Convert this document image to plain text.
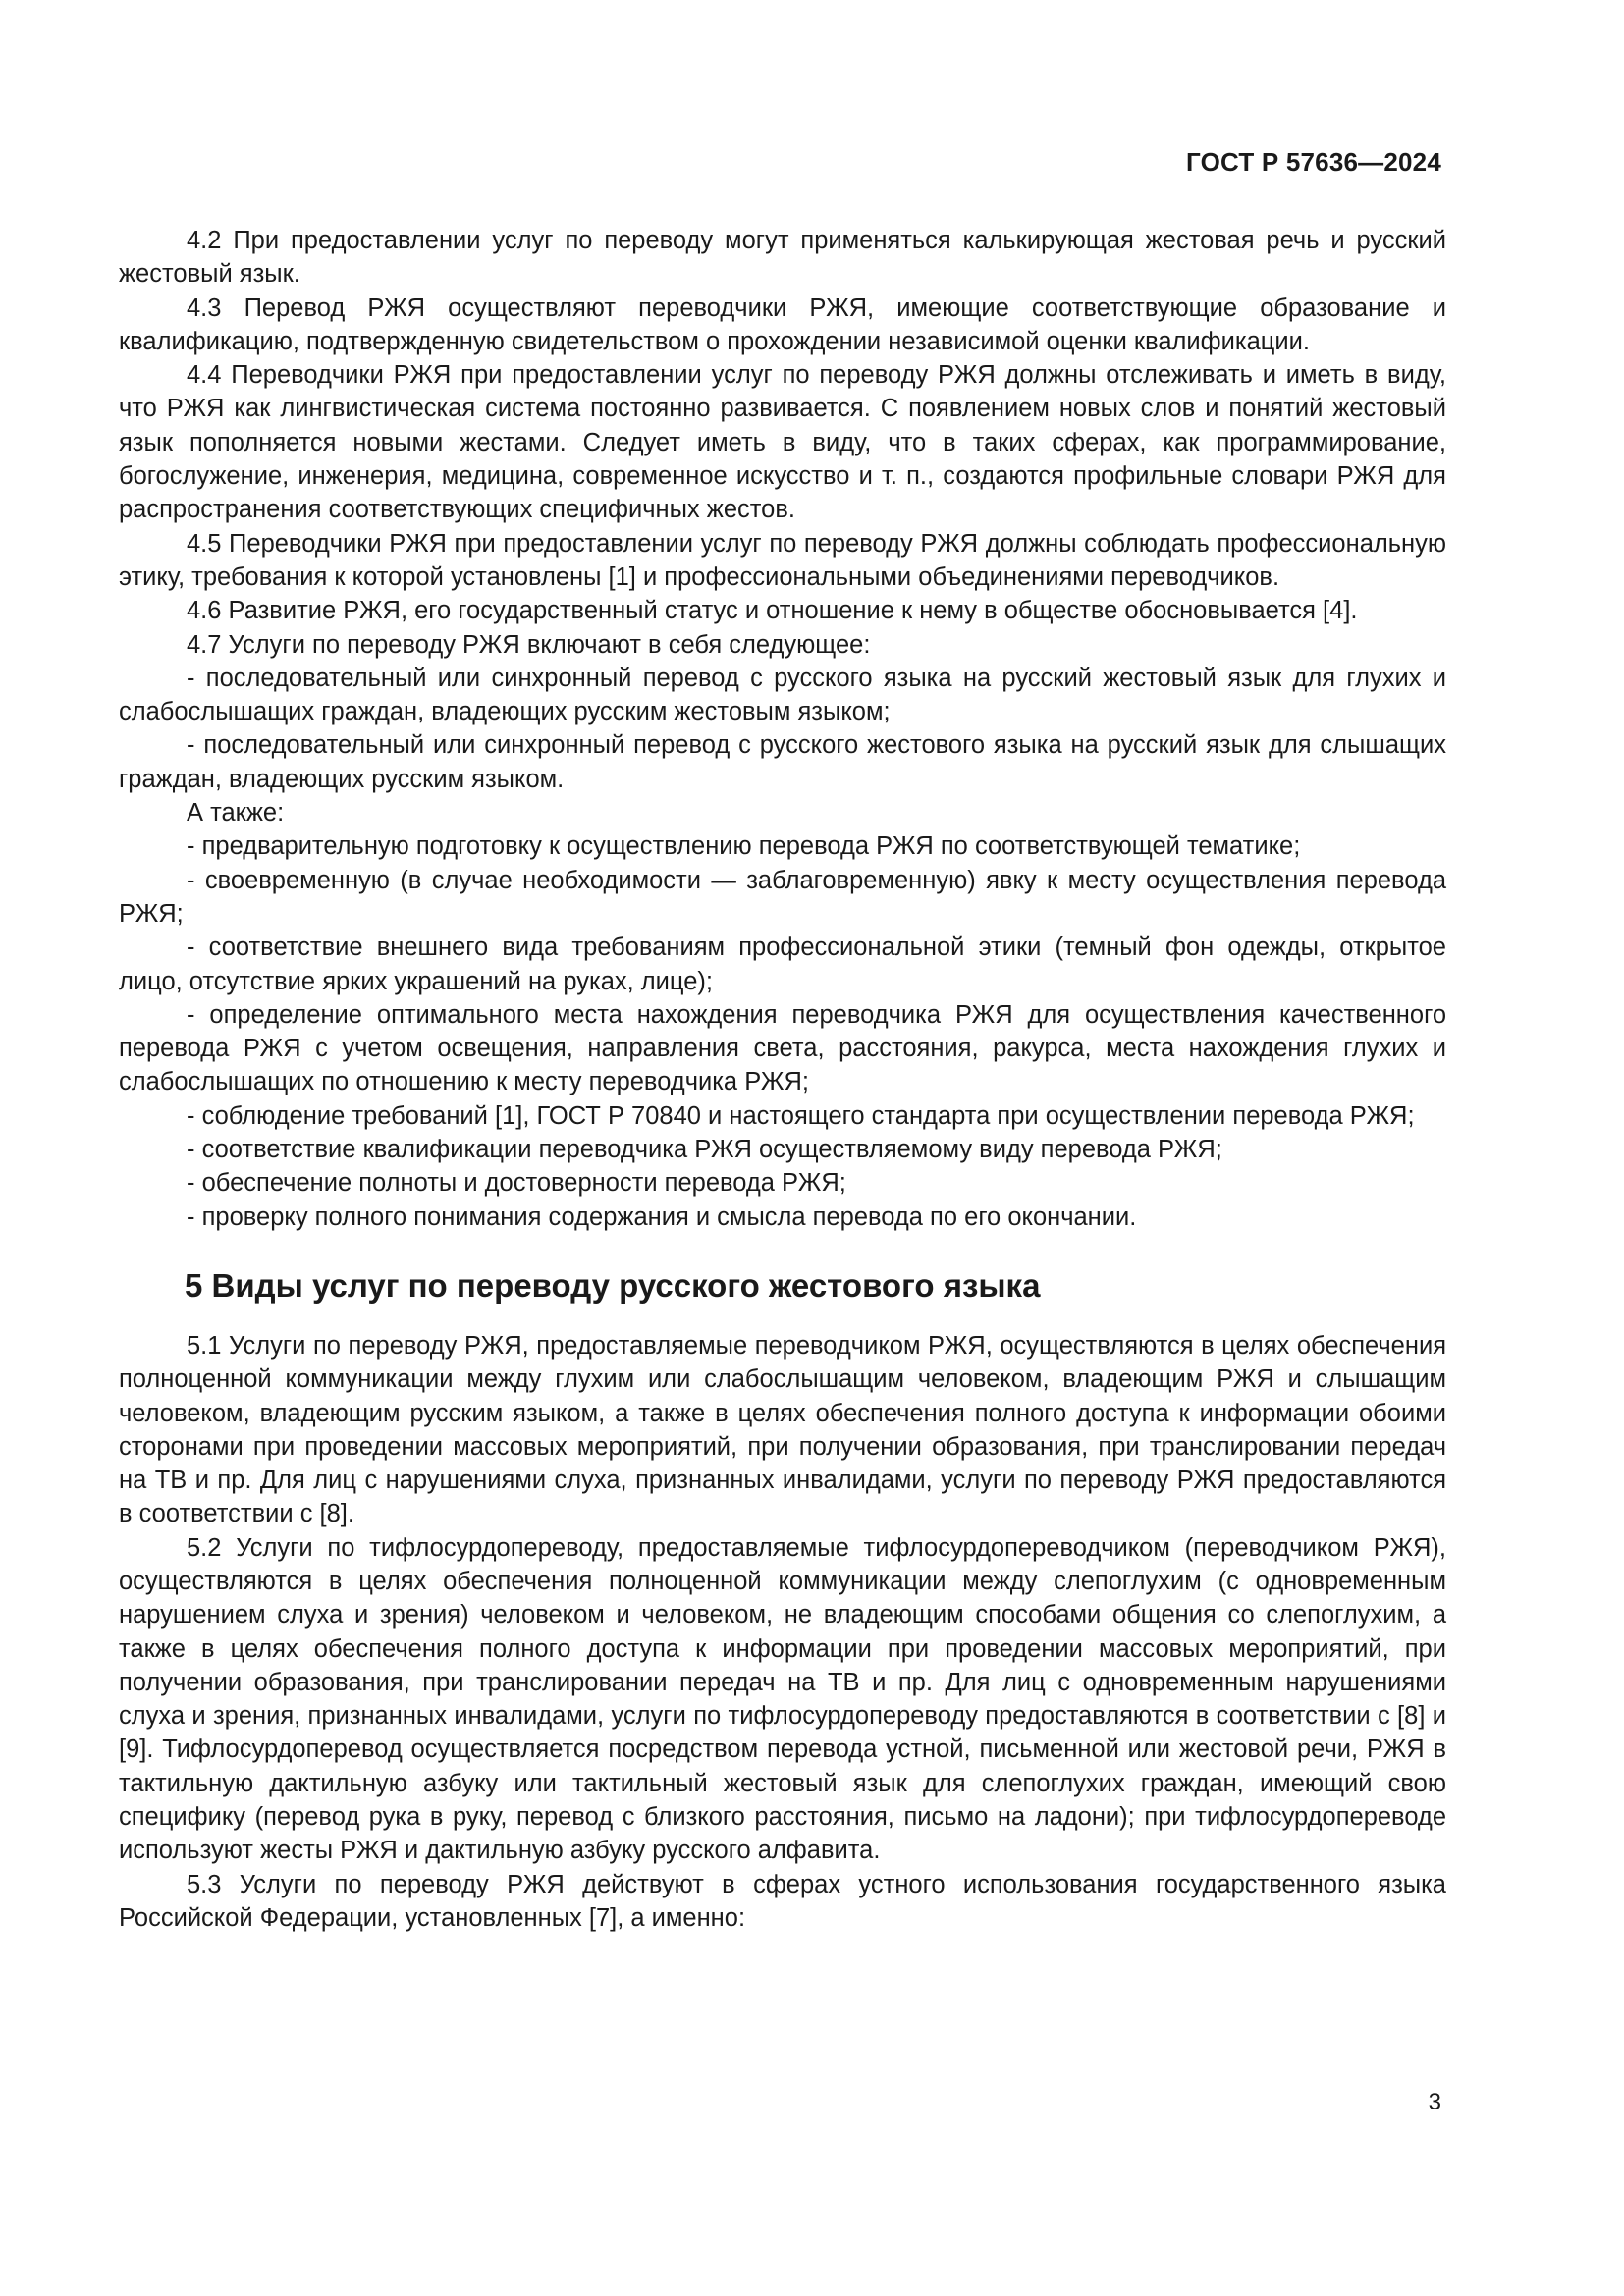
ГОСТ Р 57636—2024

4.2 При предоставлении услуг по переводу могут применяться калькирующая жестовая речь и русский жестовый язык.

4.3 Перевод РЖЯ осуществляют переводчики РЖЯ, имеющие соответствующие образование и квалификацию, подтвержденную свидетельством о прохождении независимой оценки квалификации.

4.4 Переводчики РЖЯ при предоставлении услуг по переводу РЖЯ должны отслеживать и иметь в виду, что РЖЯ как лингвистическая система постоянно развивается. С появлением новых слов и понятий жестовый язык пополняется новыми жестами. Следует иметь в виду, что в таких сферах, как программирование, богослужение, инженерия, медицина, современное искусство и т. п., создаются профильные словари РЖЯ для распространения соответствующих специфичных жестов.

4.5 Переводчики РЖЯ при предоставлении услуг по переводу РЖЯ должны соблюдать профессиональную этику, требования к которой установлены [1] и профессиональными объединениями переводчиков.

4.6 Развитие РЖЯ, его государственный статус и отношение к нему в обществе обосновывается [4].

4.7 Услуги по переводу РЖЯ включают в себя следующее:

- последовательный или синхронный перевод с русского языка на русский жестовый язык для глухих и слабослышащих граждан, владеющих русским жестовым языком;

- последовательный или синхронный перевод с русского жестового языка на русский язык для слышащих граждан, владеющих русским языком.

А также:

- предварительную подготовку к осуществлению перевода РЖЯ по соответствующей тематике;

- своевременную (в случае необходимости — заблаговременную) явку к месту осуществления перевода РЖЯ;

- соответствие внешнего вида требованиям профессиональной этики (темный фон одежды, открытое лицо, отсутствие ярких украшений на руках, лице);

- определение оптимального места нахождения переводчика РЖЯ для осуществления качественного перевода РЖЯ с учетом освещения, направления света, расстояния, ракурса, места нахождения глухих и слабослышащих по отношению к месту переводчика РЖЯ;

- соблюдение требований [1], ГОСТ Р 70840 и настоящего стандарта при осуществлении перевода РЖЯ;

- соответствие квалификации переводчика РЖЯ осуществляемому виду перевода РЖЯ;

- обеспечение полноты и достоверности перевода РЖЯ;

- проверку полного понимания содержания и смысла перевода по его окончании.

5 Виды услуг по переводу русского жестового языка

5.1 Услуги по переводу РЖЯ, предоставляемые переводчиком РЖЯ, осуществляются в целях обеспечения полноценной коммуникации между глухим или слабослышащим человеком, владеющим РЖЯ и слышащим человеком, владеющим русским языком, а также в целях обеспечения полного доступа к информации обоими сторонами при проведении массовых мероприятий, при получении образования, при транслировании передач на ТВ и пр. Для лиц с нарушениями слуха, признанных инвалидами, услуги по переводу РЖЯ предоставляются в соответствии с [8].

5.2 Услуги по тифлосурдопереводу, предоставляемые тифлосурдопереводчиком (переводчиком РЖЯ), осуществляются в целях обеспечения полноценной коммуникации между слепоглухим (с одновременным нарушением слуха и зрения) человеком и человеком, не владеющим способами общения со слепоглухим, а также в целях обеспечения полного доступа к информации при проведении массовых мероприятий, при получении образования, при транслировании передач на ТВ и пр. Для лиц с одновременным нарушениями слуха и зрения, признанных инвалидами, услуги по тифлосурдопереводу предоставляются в соответствии с [8] и [9]. Тифлосурдоперевод осуществляется посредством перевода устной, письменной или жестовой речи, РЖЯ в тактильную дактильную азбуку или тактильный жестовый язык для слепоглухих граждан, имеющий свою специфику (перевод рука в руку, перевод с близкого расстояния, письмо на ладони); при тифлосурдопереводе используют жесты РЖЯ и дактильную азбуку русского алфавита.

5.3 Услуги по переводу РЖЯ действуют в сферах устного использования государственного языка Российской Федерации, установленных [7], а именно:

3
